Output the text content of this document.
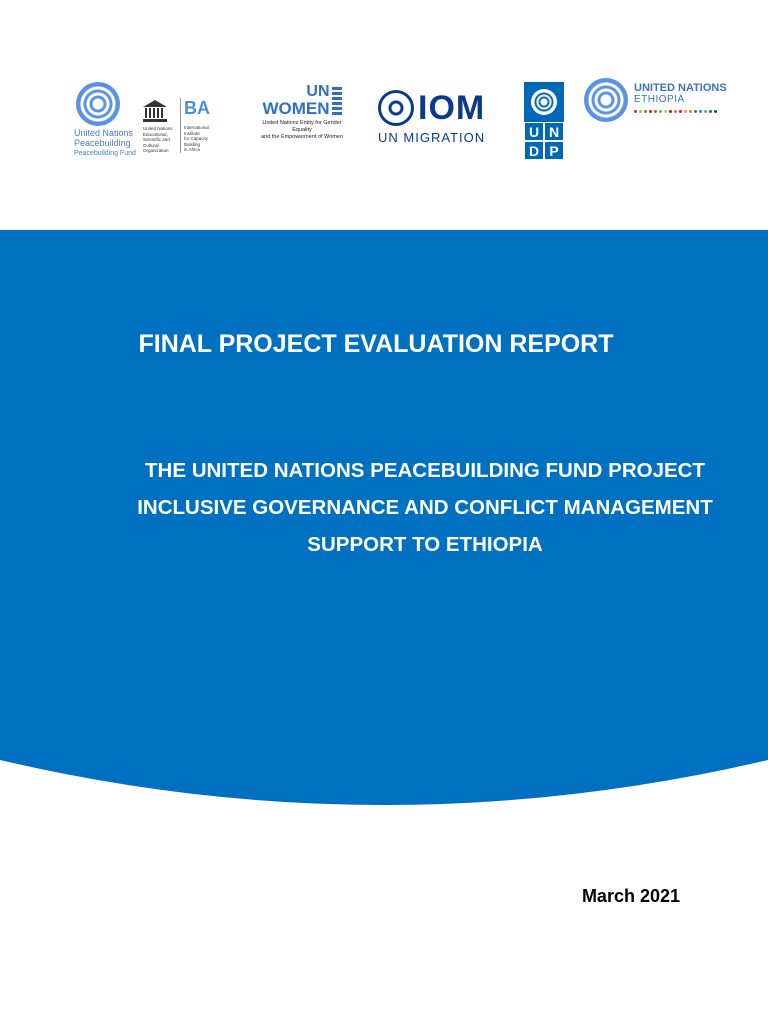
United Nations
Peacebuilding
Peacebuilding Fund
United Nations
Educational, Scientific and
Cultural Organization
BA
International Institute
for Capacity Building
in Africa
UN
WOMEN
United Nations Entity for Gender Equality
and the Empowerment of Women
IOM
UN MIGRATION	U N
D P
UNITED NATIONS
ETHIOPIA
FINAL PROJECT EVALUATION REPORT
THE UNITED NATIONS PEACEBUILDING FUND PROJECT
INCLUSIVE GOVERNANCE AND CONFLICT MANAGEMENT
SUPPORT TO ETHIOPIA
March 2021
